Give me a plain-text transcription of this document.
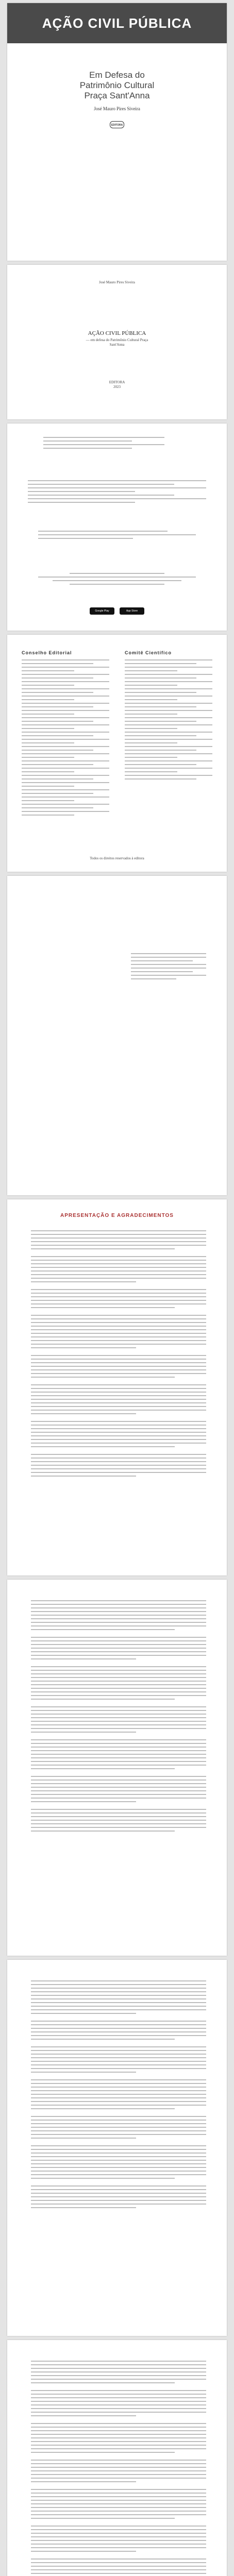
AÇÃO CIVIL PÚBLICA
Em Defesa do
Patrimônio Cultural
Praça Sant'Anna
José Mauro Pires Siveira
EDITORA
José Mauro Pires Siveira
AÇÃO CIVIL PÚBLICA
— em defesa do Patrimônio Cultural Praça Sant'Anna
EDITORA
2023
Google Play	App Store
Conselho Editorial	Comitê Científico
Todos os direitos reservados à editora
APRESENTAÇÃO E AGRADECIMENTOS
